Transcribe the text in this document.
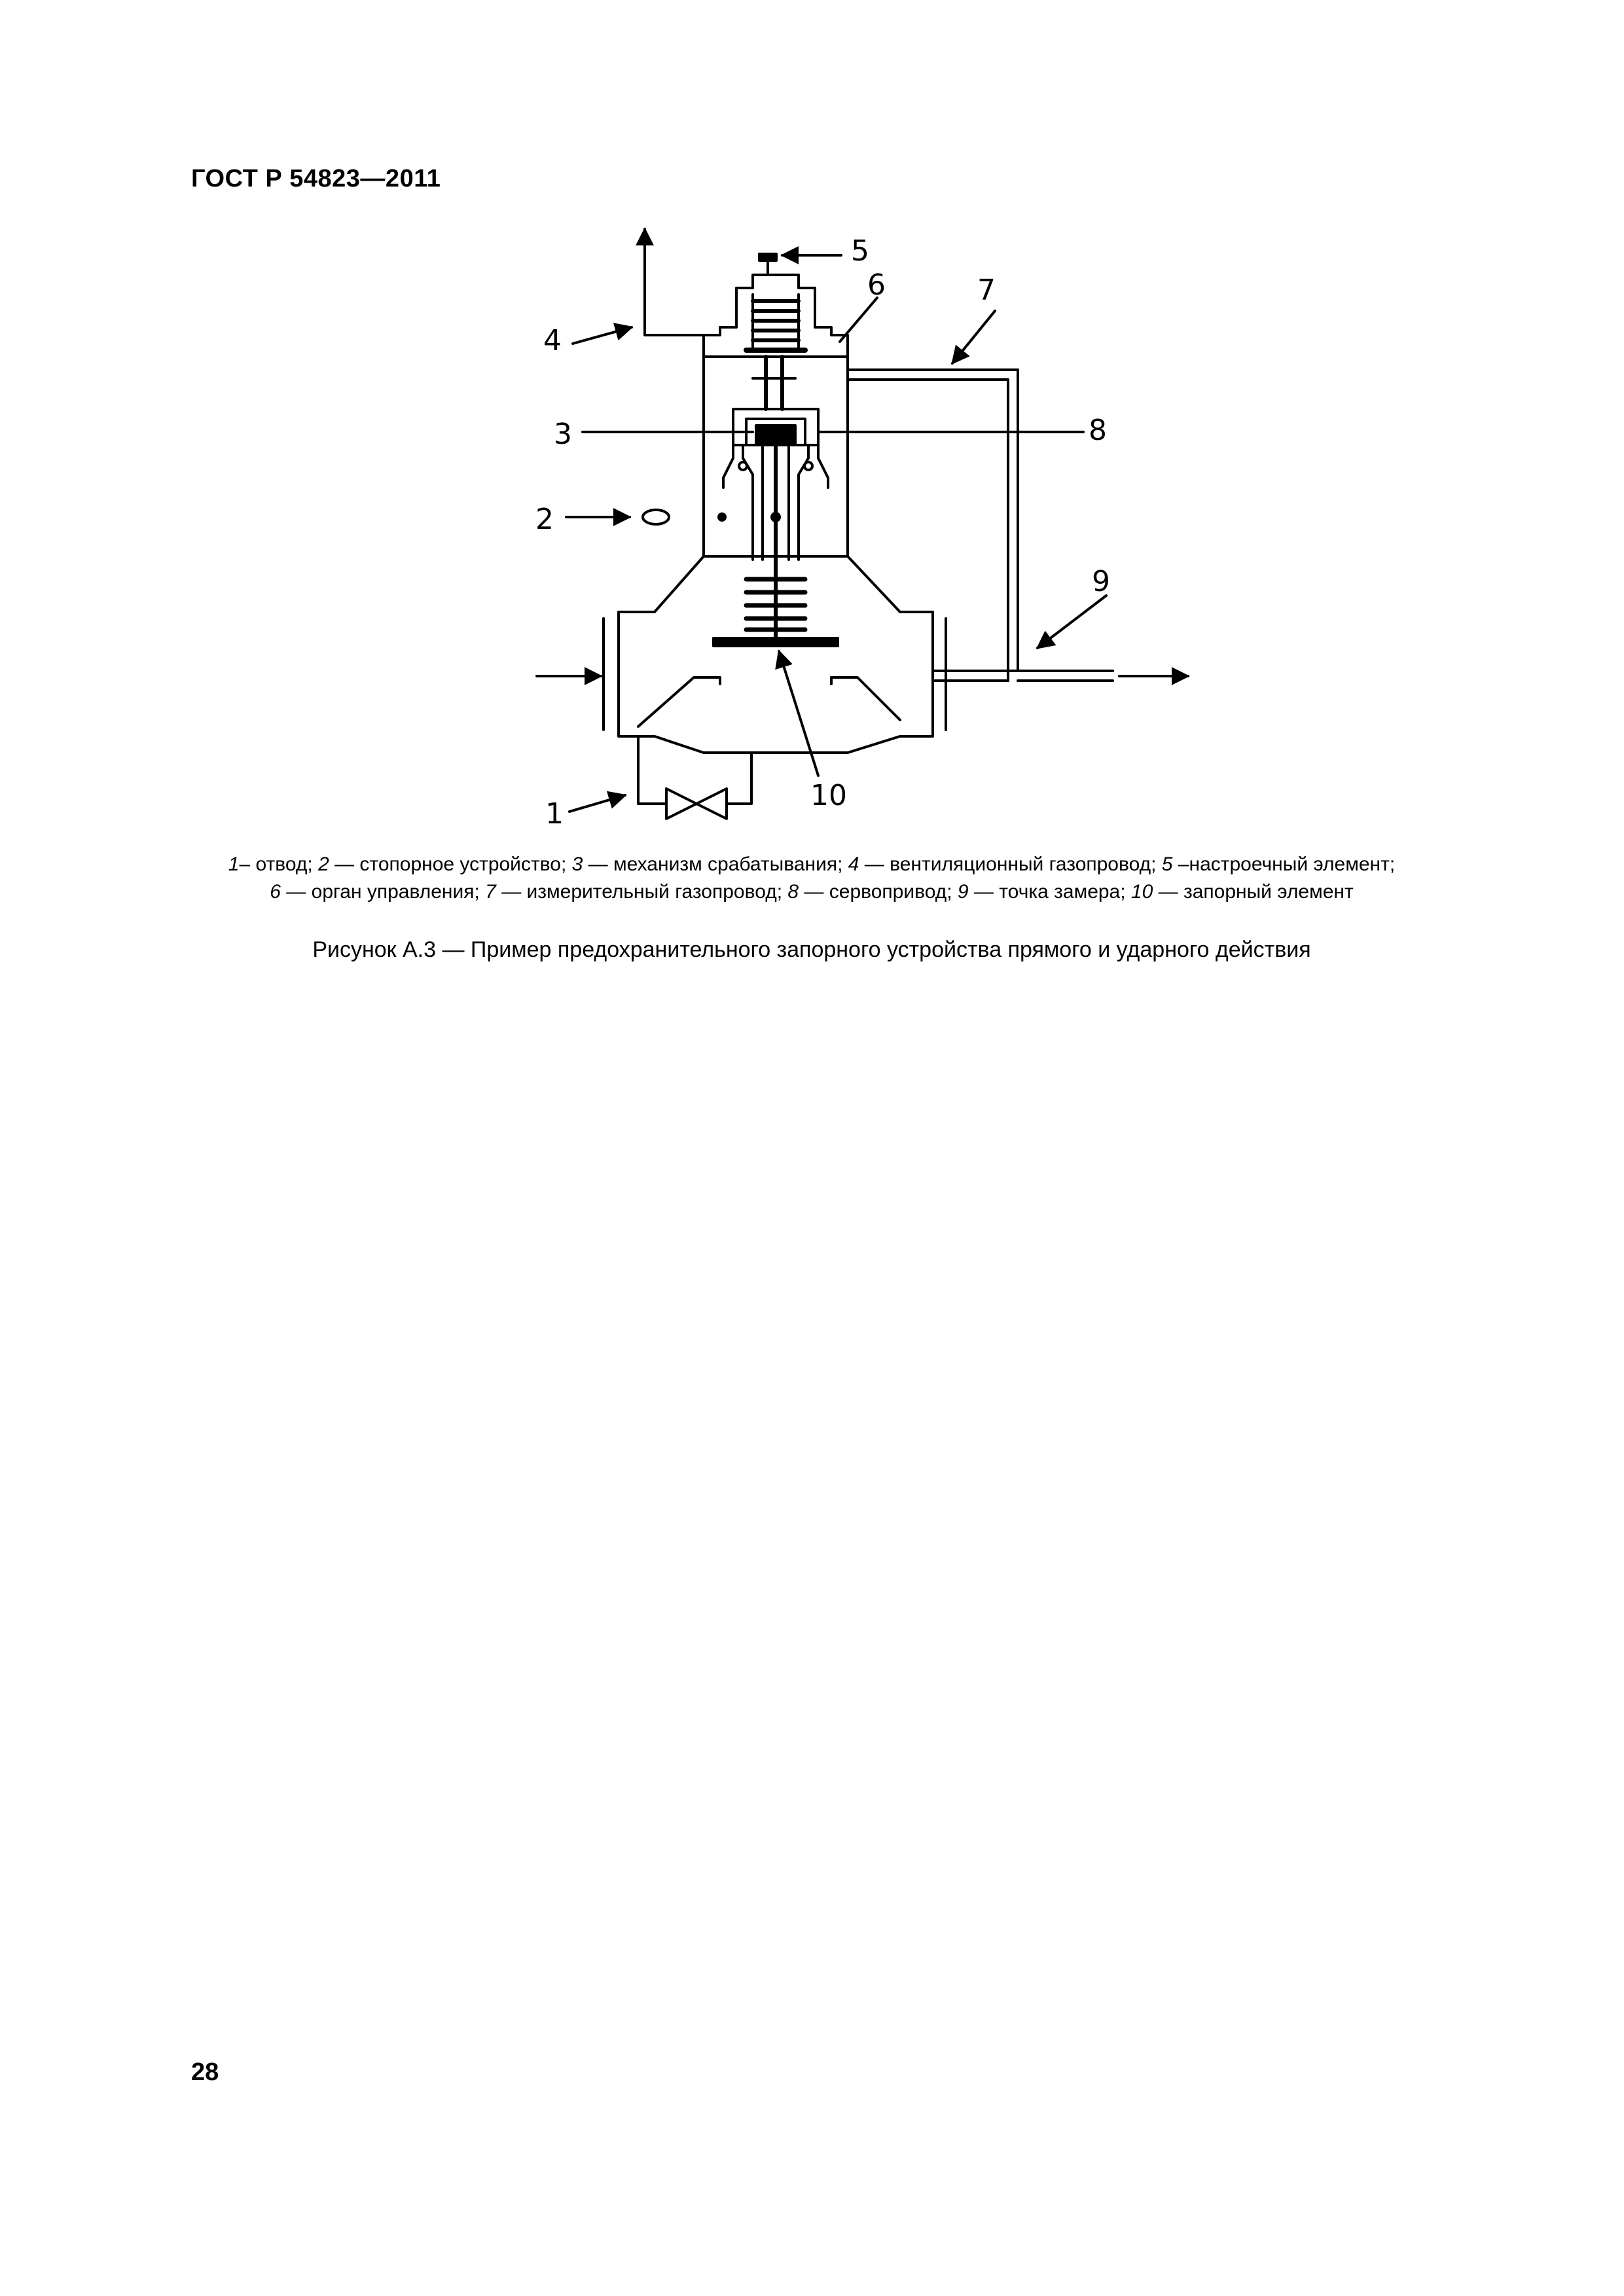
ГОСТ Р 54823—2011
1
2
3
4
5
6	7
8
9
10
1– отвод; 2 — стопорное устройство; 3 — механизм срабатывания; 4 — вентиляционный газопровод; 5 –настроечный элемент;
6 — орган управления; 7 — измерительный газопровод; 8 — сервопривод; 9 — точка замера; 10 — запорный элемент
Рисунок А.3 — Пример предохранительного запорного устройства прямого и ударного действия
28
